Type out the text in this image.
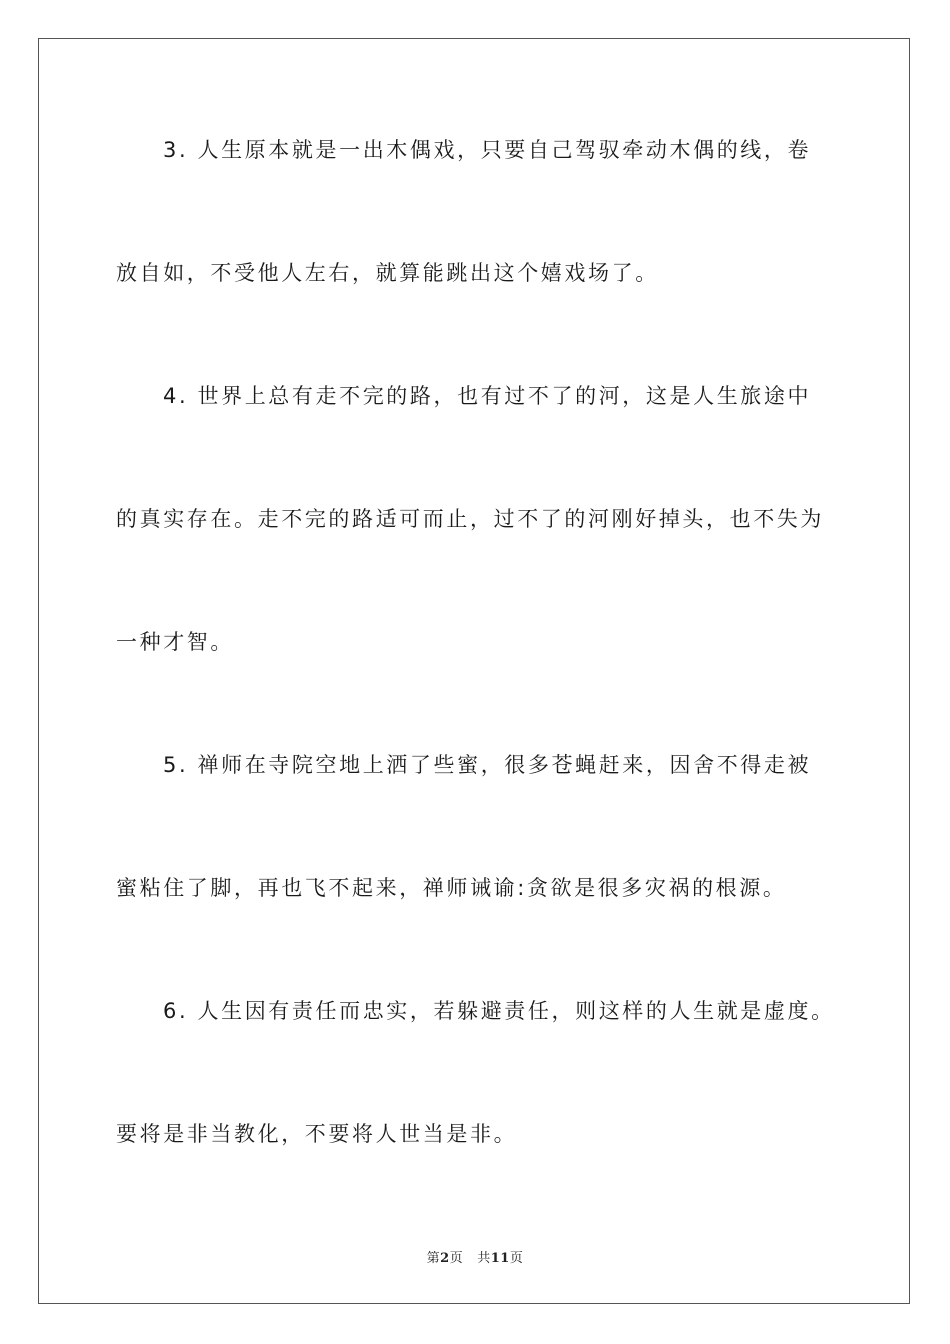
3. 人生原本就是一出木偶戏，只要自己驾驭牵动木偶的线，卷
放自如，不受他人左右，就算能跳出这个嬉戏场了。
4. 世界上总有走不完的路，也有过不了的河，这是人生旅途中
的真实存在。走不完的路适可而止，过不了的河刚好掉头，也不失为
一种才智。
5. 禅师在寺院空地上洒了些蜜，很多苍蝇赶来，因舍不得走被
蜜粘住了脚，再也飞不起来，禅师诫谕:贪欲是很多灾祸的根源。
6. 人生因有责任而忠实，若躲避责任，则这样的人生就是虚度。
要将是非当教化，不要将人世当是非。
第2页 共11页
